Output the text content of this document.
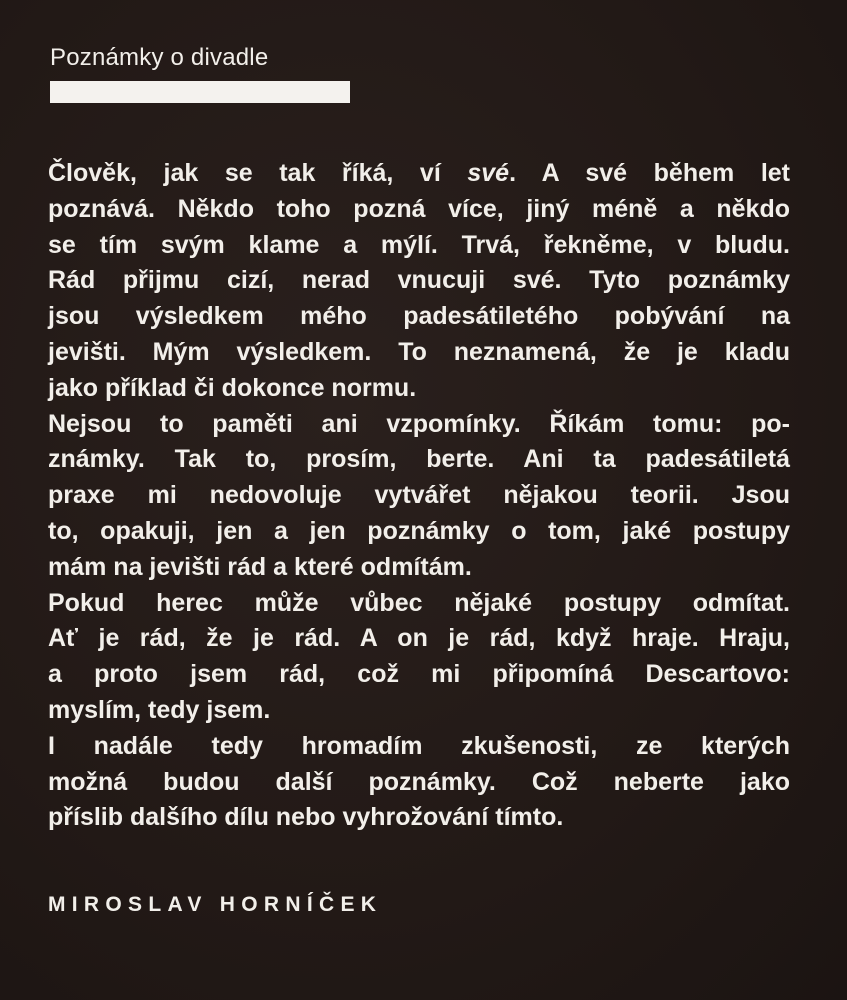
Poznámky o divadle
Člověk, jak se tak říká, ví své. A své během let
poznává. Někdo toho pozná více, jiný méně a někdo
se tím svým klame a mýlí. Trvá, řekněme, v bludu.
Rád přijmu cizí, nerad vnucuji své. Tyto poznámky
jsou výsledkem mého padesátiletého pobývání na
jevišti. Mým výsledkem. To neznamená, že je kladu
jako příklad či dokonce normu.
Nejsou to paměti ani vzpomínky. Říkám tomu: po-
známky. Tak to, prosím, berte. Ani ta padesátiletá
praxe mi nedovoluje vytvářet nějakou teorii. Jsou
to, opakuji, jen a jen poznámky o tom, jaké postupy
mám na jevišti rád a které odmítám.
Pokud herec může vůbec nějaké postupy odmítat.
Ať je rád, že je rád. A on je rád, když hraje. Hraju,
a proto jsem rád, což mi připomíná Descartovo:
myslím, tedy jsem.
I nadále tedy hromadím zkušenosti, ze kterých
možná budou další poznámky. Což neberte jako
příslib dalšího dílu nebo vyhrožování tímto.
MIROSLAV HORNÍČEK
